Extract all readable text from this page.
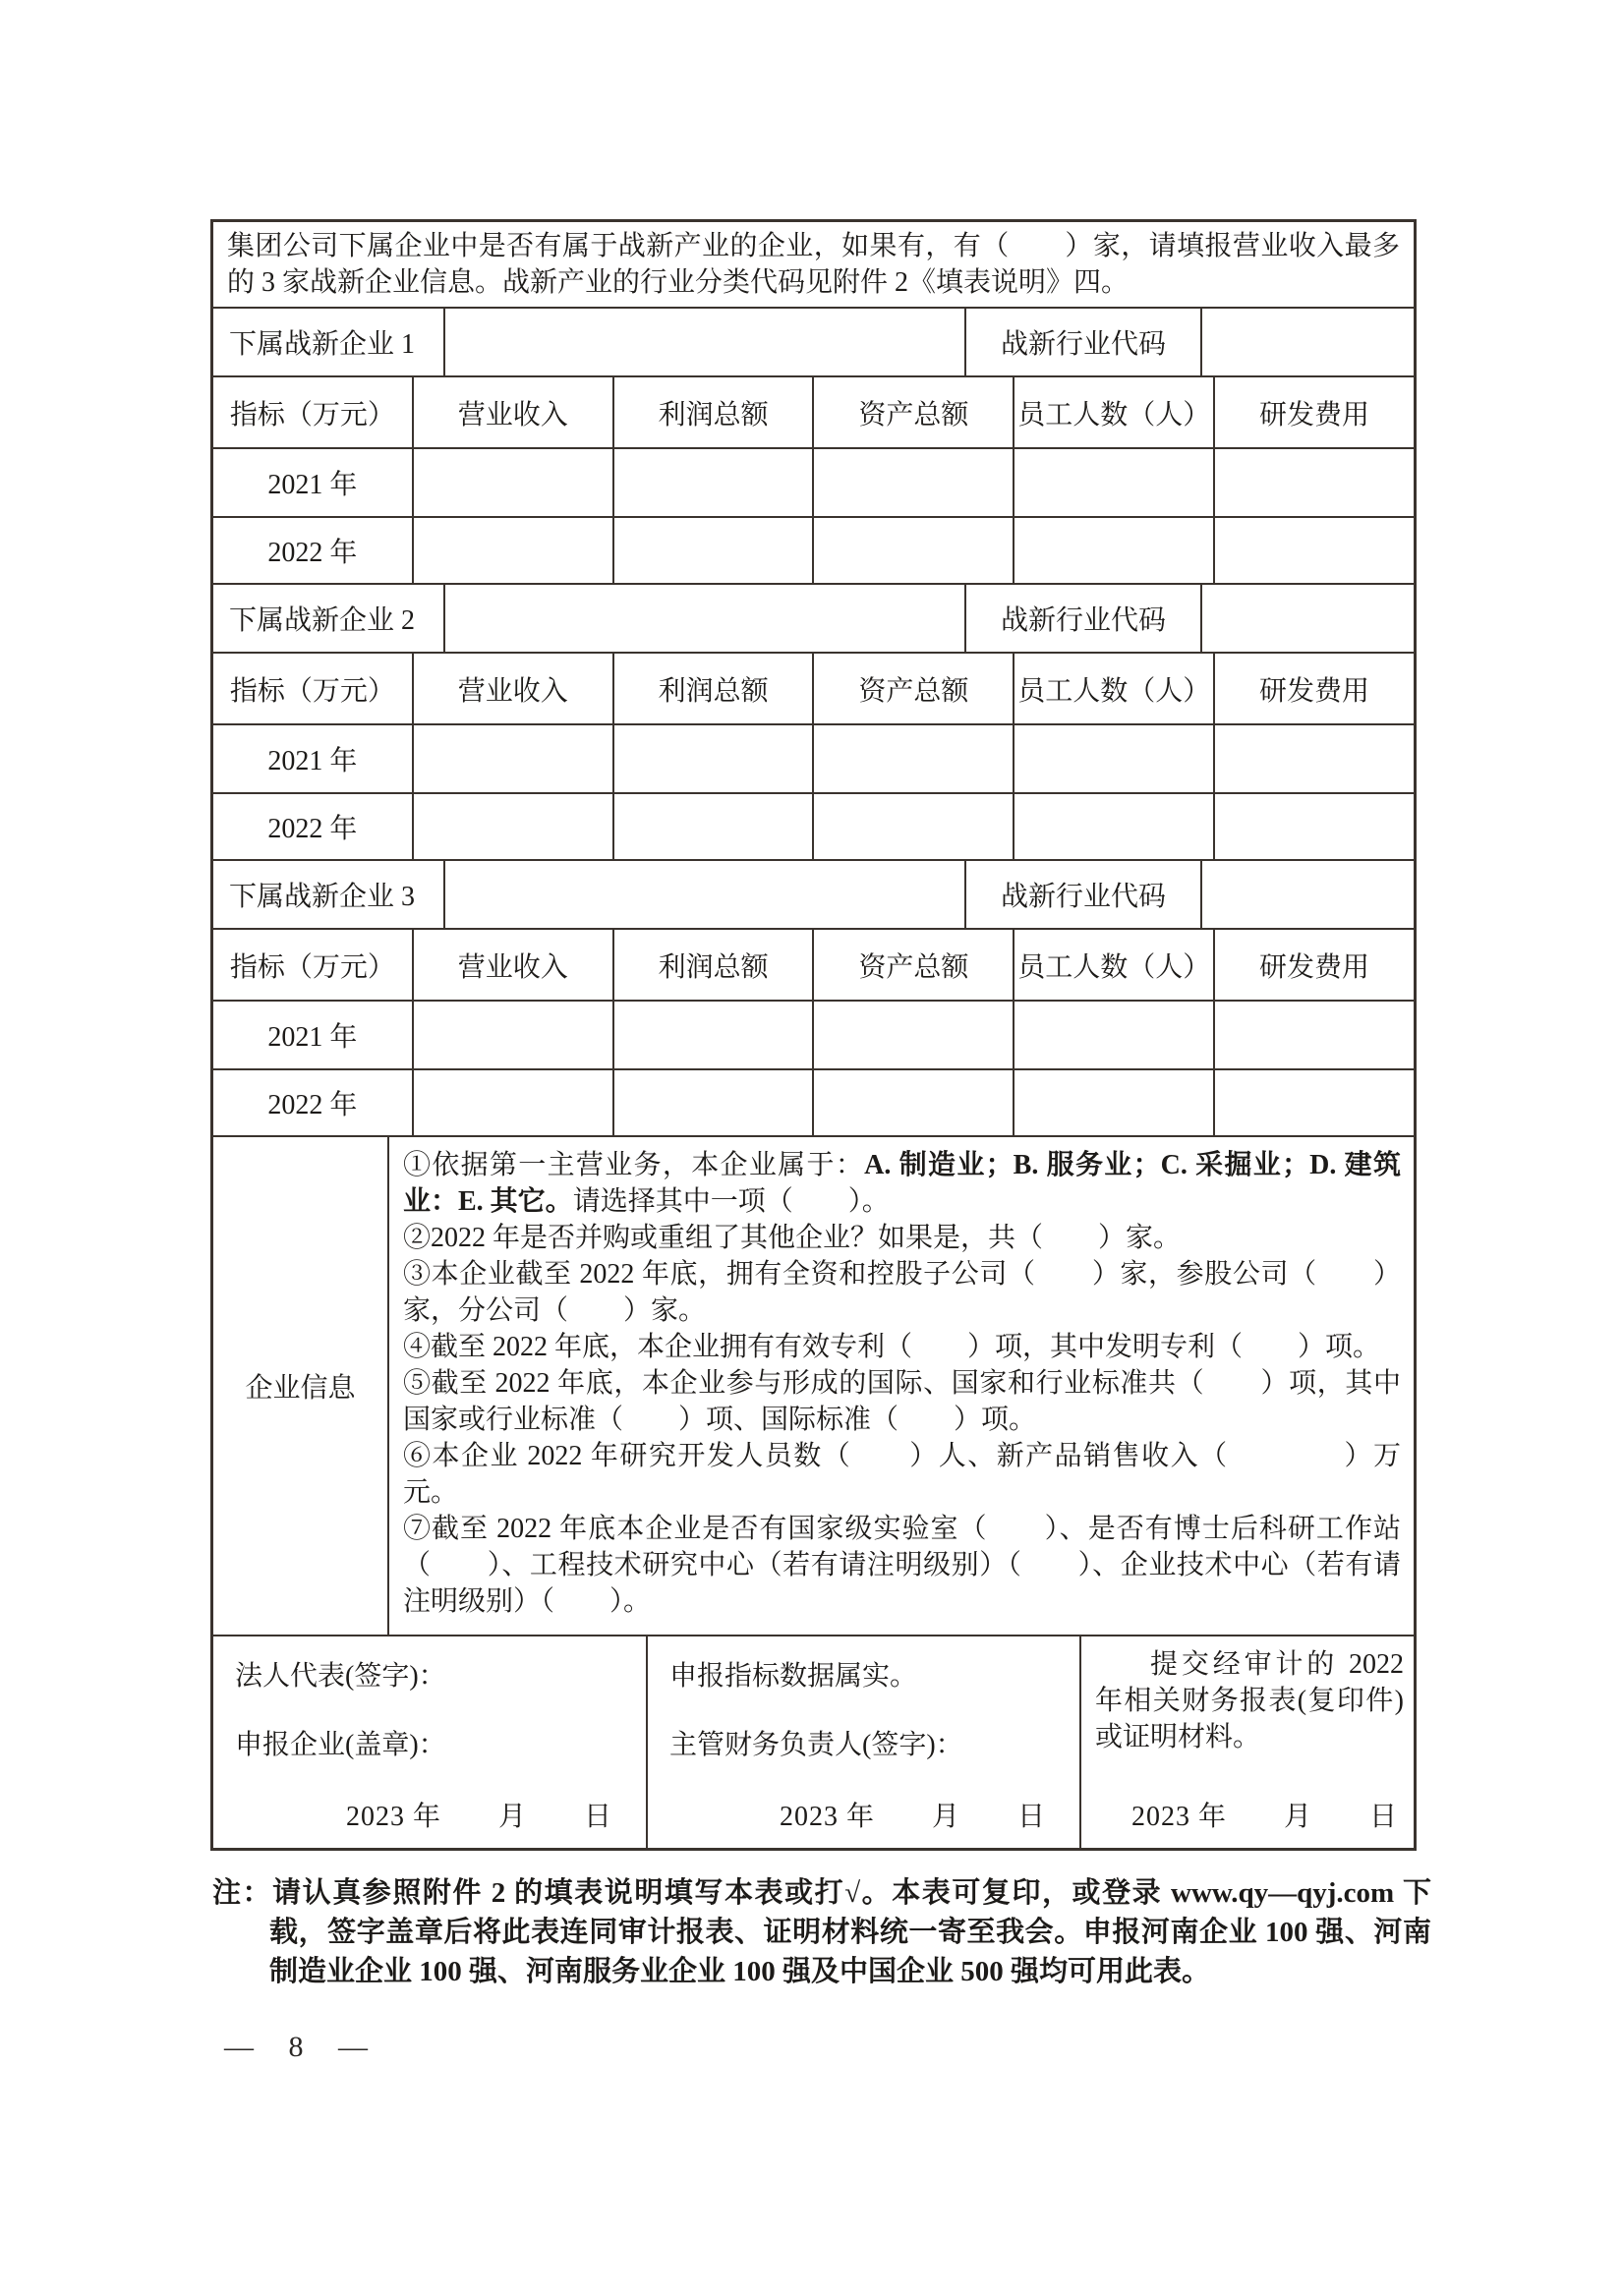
集团公司下属企业中是否有属于战新产业的企业，如果有，有（　　）家，请填报营业收入最多的 3 家战新企业信息。战新产业的行业分类代码见附件 2《填表说明》四。
下属战新企业 1	战新行业代码
指标（万元）	营业收入	利润总额	资产总额	员工人数（人）	研发费用
2021 年
2022 年
下属战新企业 2	战新行业代码
指标（万元）	营业收入	利润总额	资产总额	员工人数（人）	研发费用
2021 年
2022 年
下属战新企业 3	战新行业代码
指标（万元）	营业收入	利润总额	资产总额	员工人数（人）	研发费用
2021 年
2022 年
企业信息

①依据第一主营业务，本企业属于：A. 制造业；B. 服务业；C. 采掘业；D. 建筑业：E. 其它。请选择其中一项（　　）。

②2022 年是否并购或重组了其他企业？如果是，共（　　）家。

③本企业截至 2022 年底，拥有全资和控股子公司（　　）家，参股公司（　　）家，分公司（　　）家。

④截至 2022 年底，本企业拥有有效专利（　　）项，其中发明专利（　　）项。

⑤截至 2022 年底，本企业参与形成的国际、国家和行业标准共（　　）项，其中国家或行业标准（　　）项、国际标准（　　）项。

⑥本企业 2022 年研究开发人员数（　　）人、新产品销售收入（　　　　）万元。

⑦截至 2022 年底本企业是否有国家级实验室（　　）、是否有博士后科研工作站（　　）、工程技术研究中心（若有请注明级别）（　　）、企业技术中心（若有请注明级别）（　　）。

法人代表(签字)：
申报企业(盖章)：
2023 年　　月　　日
申报指标数据属实。
主管财务负责人(签字)：
2023 年　　月　　日

提交经审计的 2022 年相关财务报表(复印件)或证明材料。

2023 年　　月　　日
注：请认真参照附件 2 的填表说明填写本表或打√。本表可复印，或登录 www.qy—qyj.com 下载，签字盖章后将此表连同审计报表、证明材料统一寄至我会。申报河南企业 100 强、河南制造业企业 100 强、河南服务业企业 100 强及中国企业 500 强均可用此表。
— 8 —
